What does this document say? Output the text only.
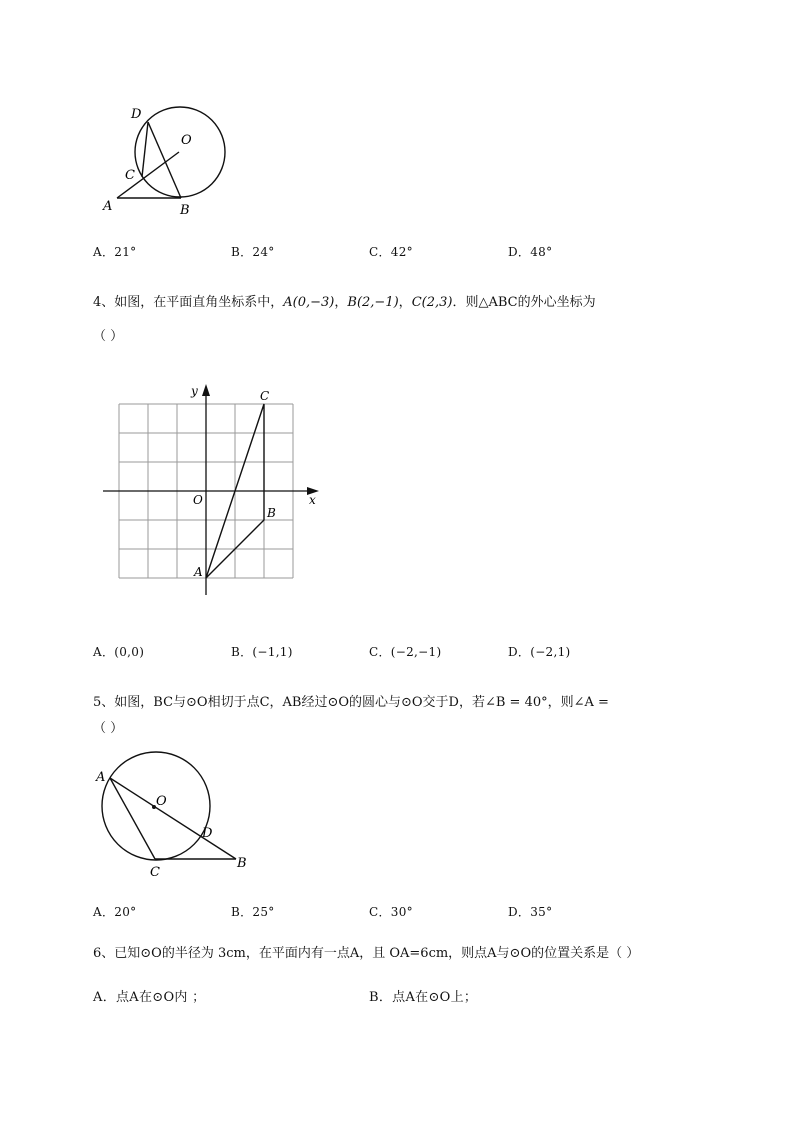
D
O
C
A	B
A．21°	B．24°	C．42°	D．48°
4、如图，在平面直角坐标系中，A(0,−3)，B(2,−1)，C(2,3)．则△ABC的外心坐标为
（ ）
y
x
O
A
B
C
A．(0,0)	B．(−1,1)	C．(−2,−1)	D．(−2,1)
5、如图，BC与⊙O相切于点C，AB经过⊙O的圆心与⊙O交于D，若∠B = 40°，则∠A =
（ ）
A
O
D
C
B
A．20°	B．25°	C．30°	D．35°
6、已知⊙O的半径为 3cm，在平面内有一点A，且 OA=6cm，则点A与⊙O的位置关系是（ ）
A．点A在⊙O内 ；	B．点A在⊙O上；
